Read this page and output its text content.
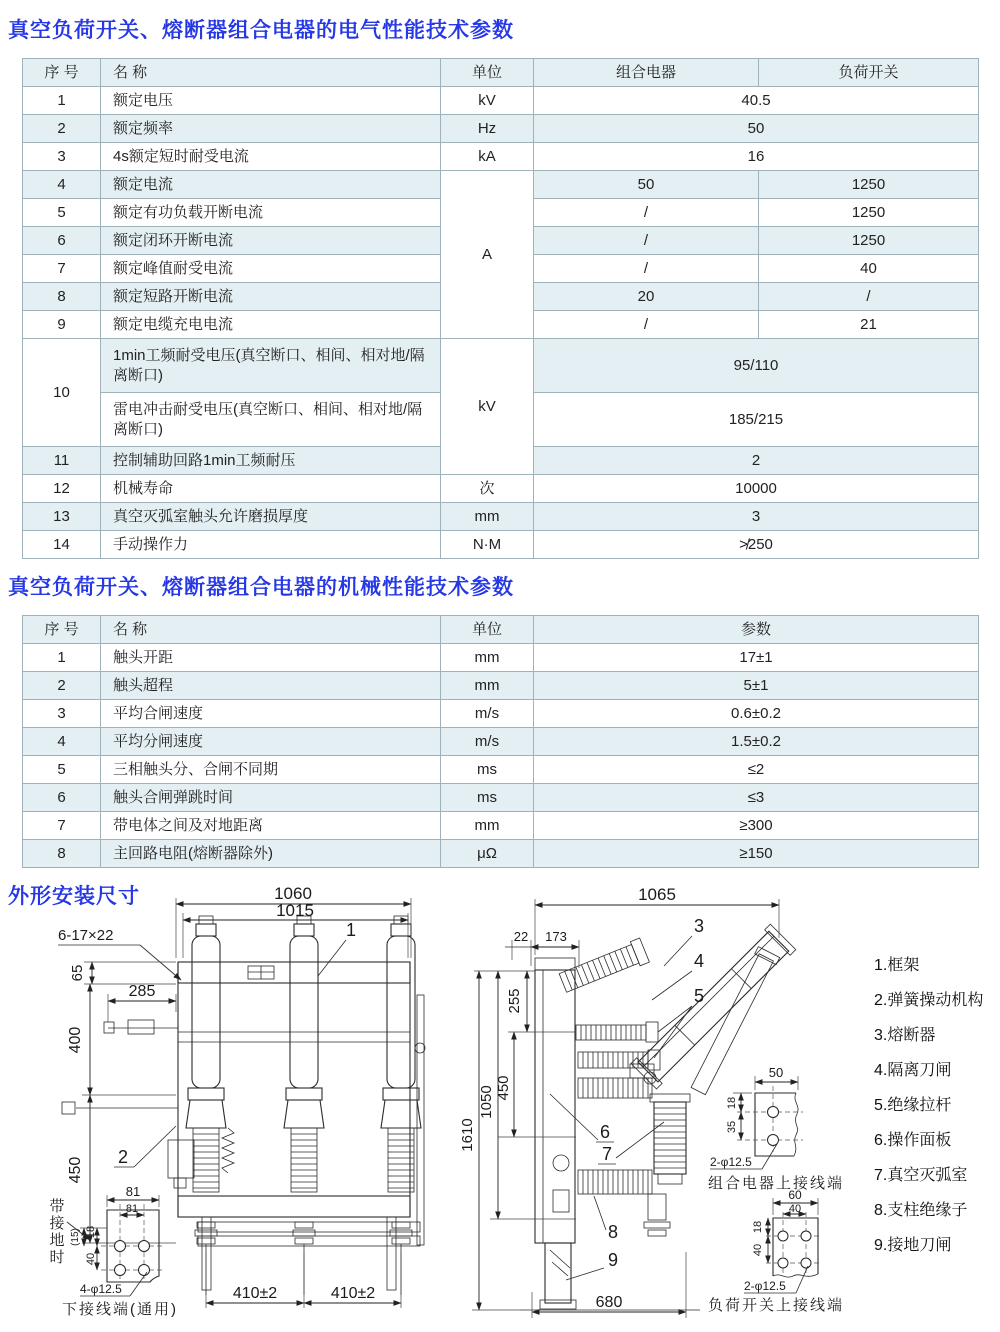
真空负荷开关、熔断器组合电器的电气性能技术参数
序 号	名 称	单位	组合电器	负荷开关
1	额定电压	kV	40.5	
2	额定频率	Hz	50	
3	4s额定短时耐受电流	kA	16	
4	额定电流	A	50	1250
5	额定有功负载开断电流		/	1250
6	额定闭环开断电流		/	1250
7	额定峰值耐受电流		/	40
8	额定短路开断电流		20	/
9	额定电缆充电电流		/	21
10	1min工频耐受电压(真空断口、相间、相对地/隔离断口)	kV	95/110	
	雷电冲击耐受电压(真空断口、相间、相对地/隔离断口)		185/215	
11	控制辅助回路1min工频耐压		2	
12	机械寿命	次	10000	
13	真空灭弧室触头允许磨损厚度	mm	3	
14	手动操作力	N·M	≯250	
真空负荷开关、熔断器组合电器的机械性能技术参数
序 号	名 称	单位	参数
1	触头开距	mm	17±1
2	触头超程	mm	5±1
3	平均合闸速度	m/s	0.6±0.2
4	平均分闸速度	m/s	1.5±0.2
5	三相触头分、合闸不同期	ms	≤2
6	触头合闸弹跳时间	ms	≤3
7	带电体之间及对地距离	mm	≥300
8	主回路电阻(熔断器除外)	μΩ	≥150
外形安装尺寸	1060
1015
6-17×22
65
285
400
450
1
2
410±2	410±2
81
81
(15) 18
40
4-φ12.5
下接线端(通用)
带接地时
1065
22 173
255
450
1050
1610
680
3
4
5
6
7
8
9
50
18
35
2-φ12.5
组合电器上接线端
60
40
18
40
2-φ12.5
负荷开关上接线端
1.框架
2.弹簧操动机构
3.熔断器
4.隔离刀闸
5.绝缘拉杆
6.操作面板
7.真空灭弧室
8.支柱绝缘子
9.接地刀闸
